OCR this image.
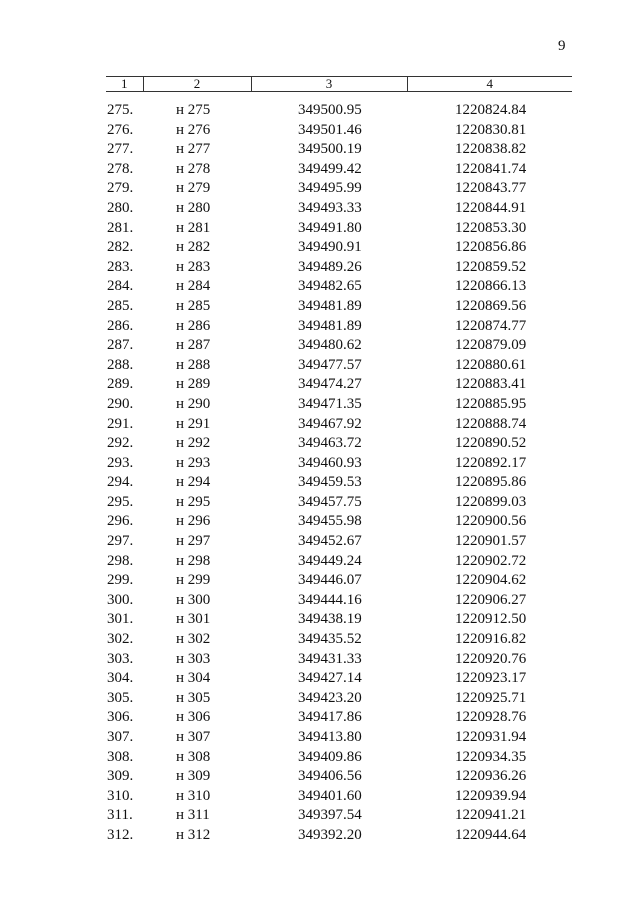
9
1	2	3	4

275.	н 275	349500.95	1220824.84
276.	н 276	349501.46	1220830.81
277.	н 277	349500.19	1220838.82
278.	н 278	349499.42	1220841.74
279.	н 279	349495.99	1220843.77
280.	н 280	349493.33	1220844.91
281.	н 281	349491.80	1220853.30
282.	н 282	349490.91	1220856.86
283.	н 283	349489.26	1220859.52
284.	н 284	349482.65	1220866.13
285.	н 285	349481.89	1220869.56
286.	н 286	349481.89	1220874.77
287.	н 287	349480.62	1220879.09
288.	н 288	349477.57	1220880.61
289.	н 289	349474.27	1220883.41
290.	н 290	349471.35	1220885.95
291.	н 291	349467.92	1220888.74
292.	н 292	349463.72	1220890.52
293.	н 293	349460.93	1220892.17
294.	н 294	349459.53	1220895.86
295.	н 295	349457.75	1220899.03
296.	н 296	349455.98	1220900.56
297.	н 297	349452.67	1220901.57
298.	н 298	349449.24	1220902.72
299.	н 299	349446.07	1220904.62
300.	н 300	349444.16	1220906.27
301.	н 301	349438.19	1220912.50
302.	н 302	349435.52	1220916.82
303.	н 303	349431.33	1220920.76
304.	н 304	349427.14	1220923.17
305.	н 305	349423.20	1220925.71
306.	н 306	349417.86	1220928.76
307.	н 307	349413.80	1220931.94
308.	н 308	349409.86	1220934.35
309.	н 309	349406.56	1220936.26
310.	н 310	349401.60	1220939.94
311.	н 311	349397.54	1220941.21
312.	н 312	349392.20	1220944.64
